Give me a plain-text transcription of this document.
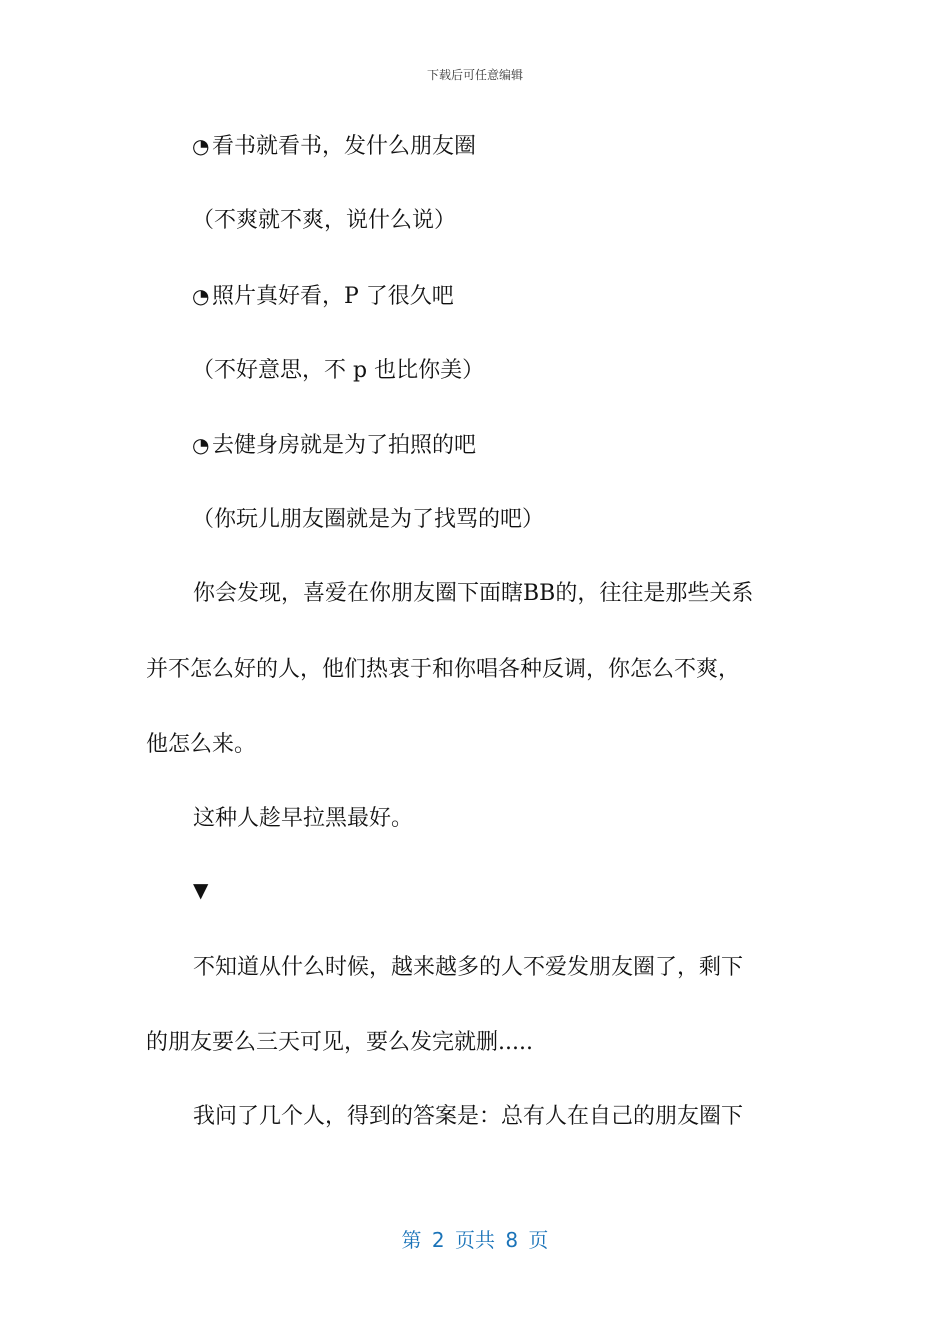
下载后可任意编辑
◔ 看书就看书，发什么朋友圈
（不爽就不爽，说什么说）
◔ 照片真好看，P 了很久吧
（不好意思，不 p 也比你美）
◔ 去健身房就是为了拍照的吧
（你玩儿朋友圈就是为了找骂的吧）
你会发现，喜爱在你朋友圈下面瞎BB的，往往是那些关系
并不怎么好的人，他们热衷于和你唱各种反调，你怎么不爽，
他怎么来。
这种人趁早拉黑最好。
▼
不知道从什么时候，越来越多的人不爱发朋友圈了，剩下
的朋友要么三天可见，要么发完就删.....
我问了几个人，得到的答案是：总有人在自己的朋友圈下
第 2 页共 8 页
